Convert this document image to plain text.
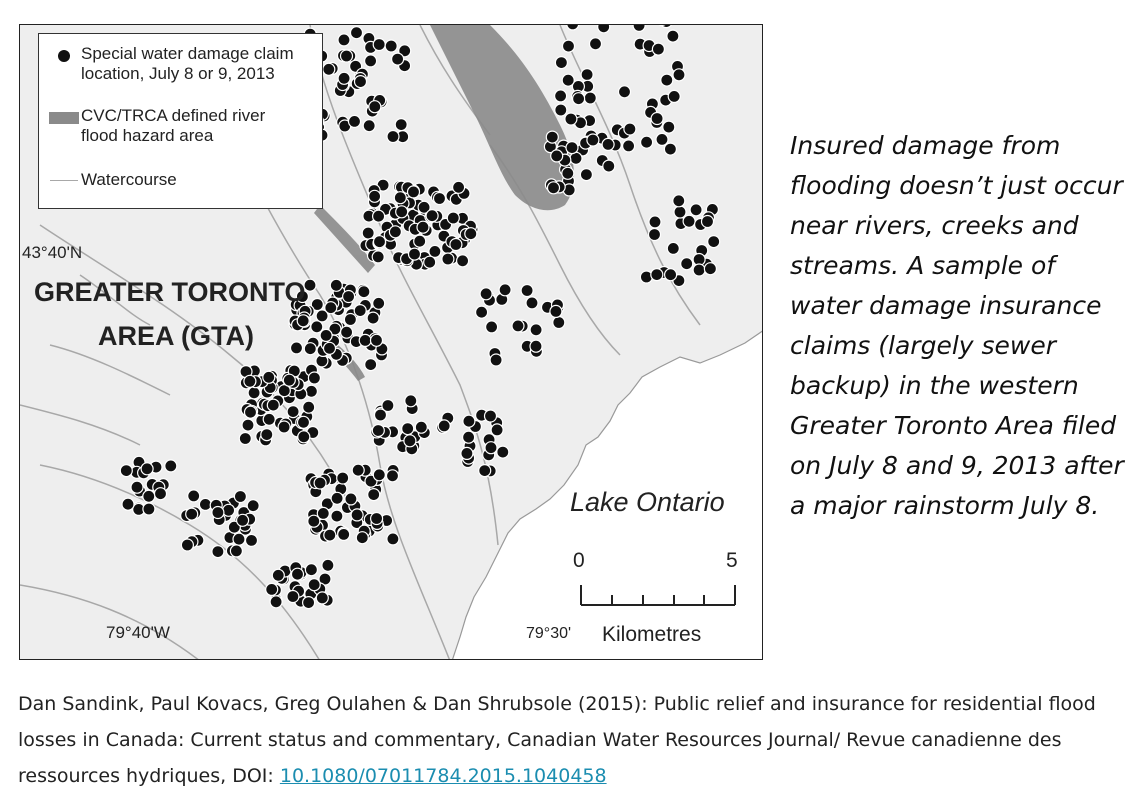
Special water damage claim location, July 8 or 9, 2013
CVC/TRCA defined river flood hazard area
Watercourse
43°40'N
GREATER TORONTO
AREA (GTA)
Lake Ontario
79°40'W	79°30'
0	5
Kilometres
Insured damage from flooding doesn’t just occur near rivers, creeks and streams. A sample of water damage insurance claims (largely sewer backup) in the western Greater Toronto Area filed on July 8 and 9, 2013 after a major rainstorm July 8.
Dan Sandink, Paul Kovacs, Greg Oulahen & Dan Shrubsole (2015): Public relief and insurance for residential flood losses in Canada: Current status and commentary, Canadian Water Resources Journal/ Revue canadienne des ressources hydriques, DOI: 10.1080/07011784.2015.1040458
